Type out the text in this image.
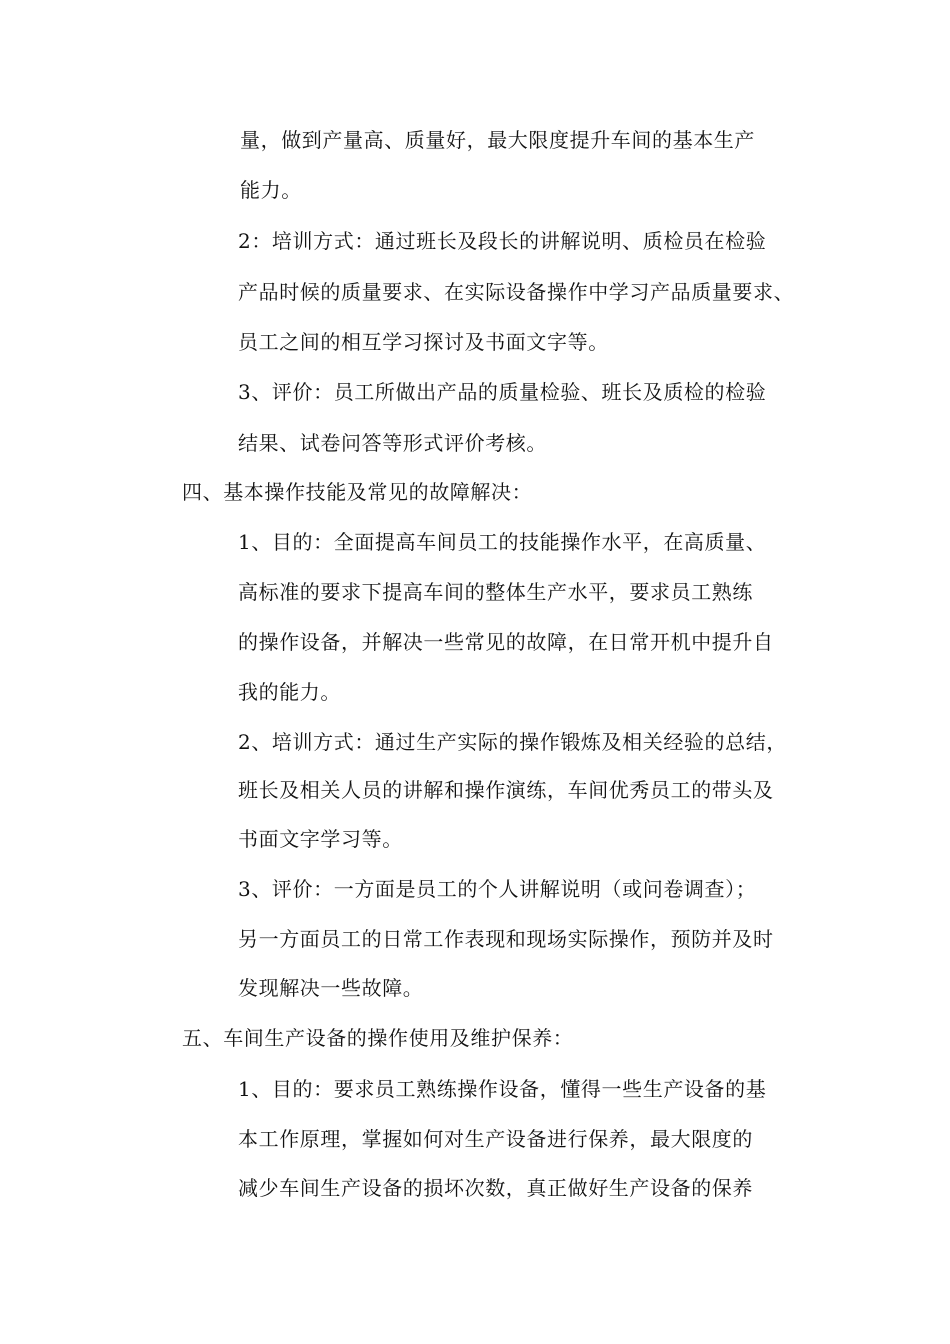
量，做到产量高、质量好，最大限度提升车间的基本生产
能力。
2：培训方式：通过班长及段长的讲解说明、质检员在检验
产品时候的质量要求、在实际设备操作中学习产品质量要求、
员工之间的相互学习探讨及书面文字等。
3、评价：员工所做出产品的质量检验、班长及质检的检验
结果、试卷问答等形式评价考核。
四、基本操作技能及常见的故障解决：
1、目的：全面提高车间员工的技能操作水平，在高质量、
高标准的要求下提高车间的整体生产水平，要求员工熟练
的操作设备，并解决一些常见的故障，在日常开机中提升自
我的能力。
2、培训方式：通过生产实际的操作锻炼及相关经验的总结，
班长及相关人员的讲解和操作演练，车间优秀员工的带头及
书面文字学习等。
3、评价：一方面是员工的个人讲解说明（或问卷调查）；
另一方面员工的日常工作表现和现场实际操作，预防并及时
发现解决一些故障。
五、车间生产设备的操作使用及维护保养：
1、目的：要求员工熟练操作设备，懂得一些生产设备的基
本工作原理，掌握如何对生产设备进行保养，最大限度的
减少车间生产设备的损坏次数，真正做好生产设备的保养
